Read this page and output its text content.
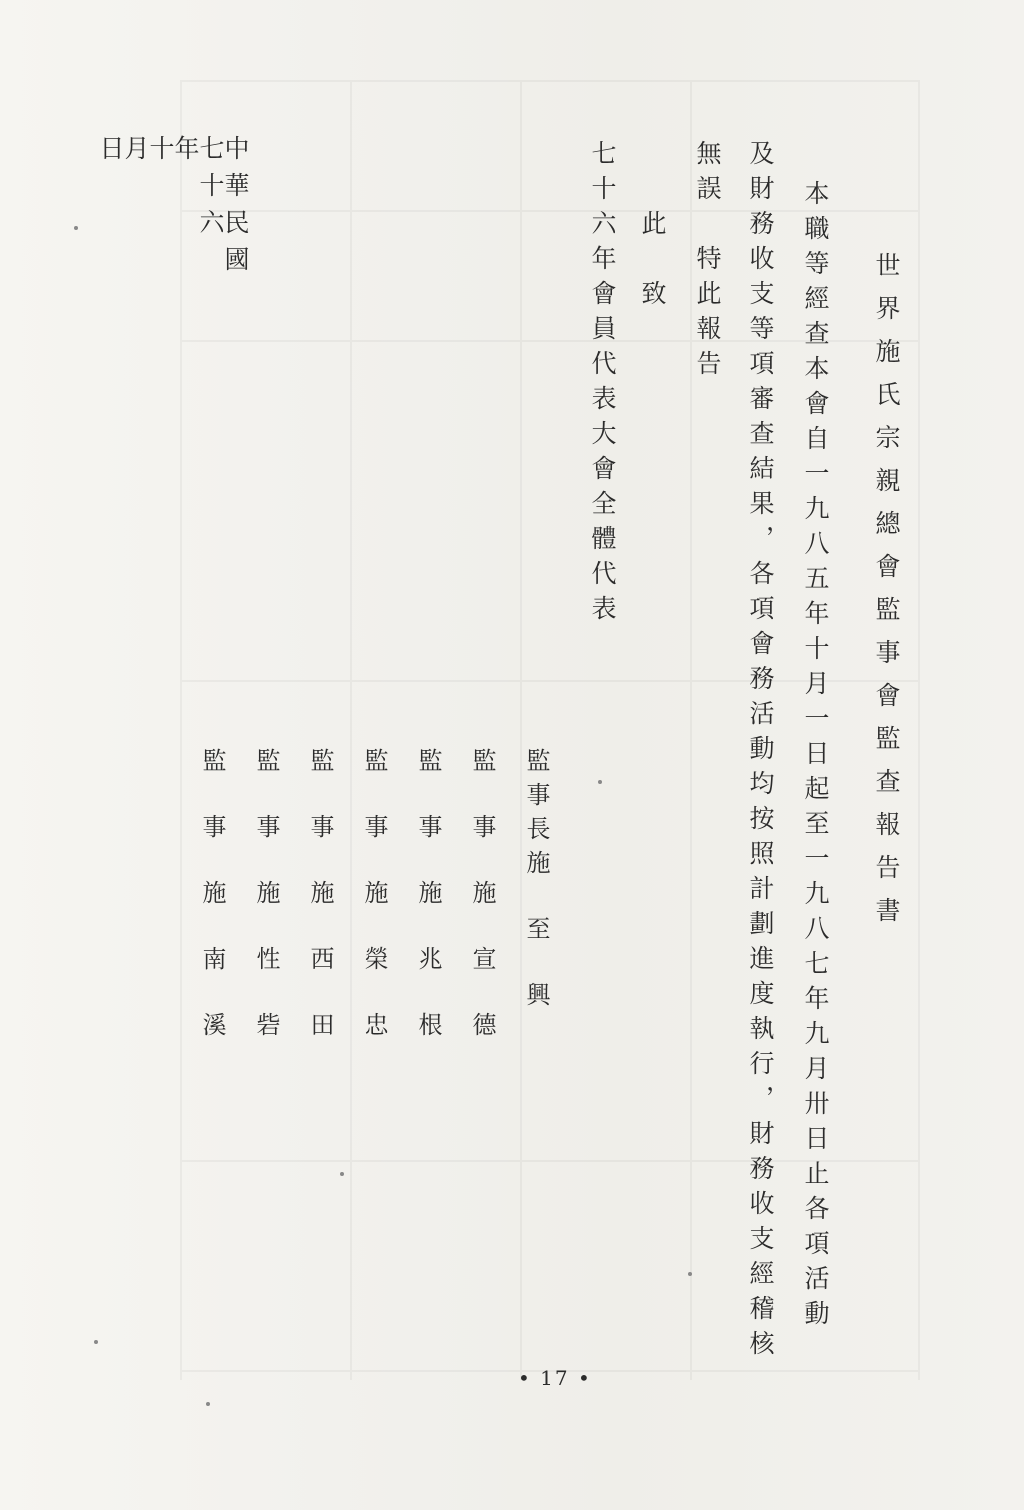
世界施氏宗親總會監事會監查報告書
本職等經查本會自一九八五年十月一日起至一九八七年九月卅日止各項活動
及財務收支等項審查結果，各項會務活動均按照計劃進度執行，財務收支經稽核
無誤　特此報告
此
致
七十六年會員代表大會全體代表
監事長施至興
監事施宣德
監事施兆根
監事施榮忠
監事施西田
監事施性砦
監事施南溪
中華民國
七十六
年
十
月
日
• 17 •
